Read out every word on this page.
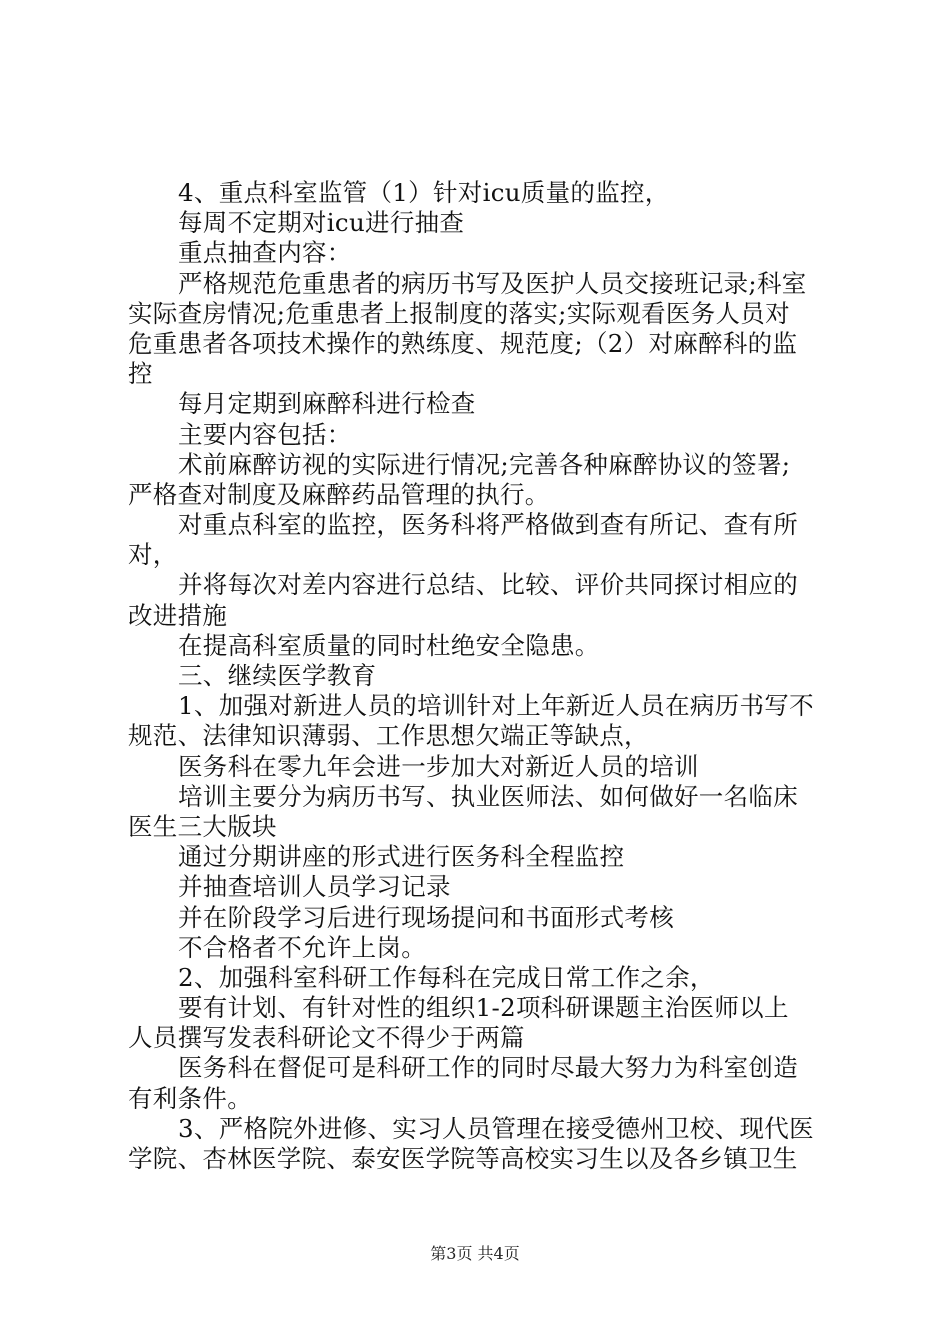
4、重点科室监管（1）针对icu质量的监控，
每周不定期对icu进行抽查
重点抽查内容：
严格规范危重患者的病历书写及医护人员交接班记录;科室
实际查房情况;危重患者上报制度的落实;实际观看医务人员对
危重患者各项技术操作的熟练度、规范度;（2）对麻醉科的监
控
每月定期到麻醉科进行检查
主要内容包括：
术前麻醉访视的实际进行情况;完善各种麻醉协议的签署;
严格查对制度及麻醉药品管理的执行。
对重点科室的监控，医务科将严格做到查有所记、查有所
对，
并将每次对差内容进行总结、比较、评价共同探讨相应的
改进措施
在提高科室质量的同时杜绝安全隐患。
三、继续医学教育
1、加强对新进人员的培训针对上年新近人员在病历书写不
规范、法律知识薄弱、工作思想欠端正等缺点，
医务科在零九年会进一步加大对新近人员的培训
培训主要分为病历书写、执业医师法、如何做好一名临床
医生三大版块
通过分期讲座的形式进行医务科全程监控
并抽查培训人员学习记录
并在阶段学习后进行现场提问和书面形式考核
不合格者不允许上岗。
2、加强科室科研工作每科在完成日常工作之余，
要有计划、有针对性的组织1-2项科研课题主治医师以上
人员撰写发表科研论文不得少于两篇
医务科在督促可是科研工作的同时尽最大努力为科室创造
有利条件。
3、严格院外进修、实习人员管理在接受德州卫校、现代医
学院、杏林医学院、泰安医学院等高校实习生以及各乡镇卫生
第3页 共4页
